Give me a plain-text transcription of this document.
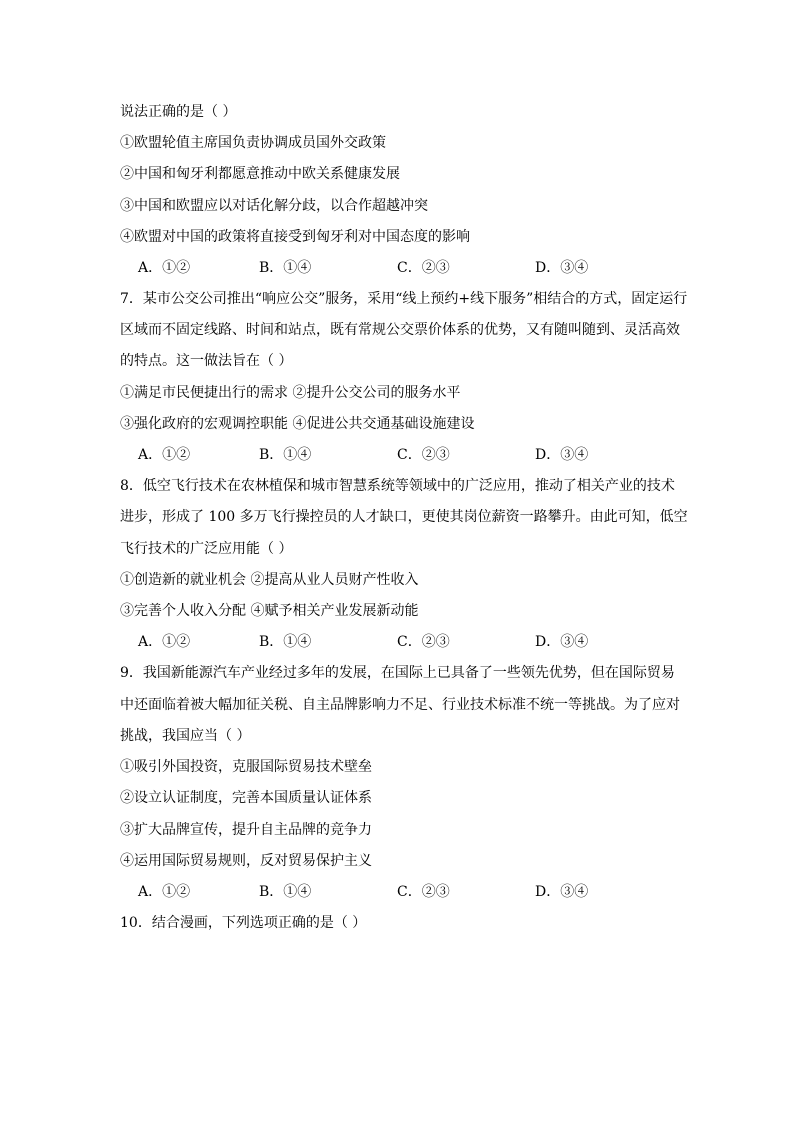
说法正确的是（ ）
①欧盟轮值主席国负责协调成员国外交政策
②中国和匈牙利都愿意推动中欧关系健康发展
③中国和欧盟应以对话化解分歧，以合作超越冲突
④欧盟对中国的政策将直接受到匈牙利对中国态度的影响
A．①②	B．①④	C．②③	D．③④
7．某市公交公司推出“响应公交”服务，采用“线上预约+线下服务”相结合的方式，固定运行
区域而不固定线路、时间和站点，既有常规公交票价体系的优势，又有随叫随到、灵活高效
的特点。这一做法旨在（ ）
①满足市民便捷出行的需求 ②提升公交公司的服务水平
③强化政府的宏观调控职能 ④促进公共交通基础设施建设
A．①②	B．①④	C．②③	D．③④
8．低空飞行技术在农林植保和城市智慧系统等领域中的广泛应用，推动了相关产业的技术
进步，形成了 100 多万飞行操控员的人才缺口，更使其岗位薪资一路攀升。由此可知，低空
飞行技术的广泛应用能（ ）
①创造新的就业机会 ②提高从业人员财产性收入
③完善个人收入分配 ④赋予相关产业发展新动能
A．①②	B．①④	C．②③	D．③④
9．我国新能源汽车产业经过多年的发展，在国际上已具备了一些领先优势，但在国际贸易
中还面临着被大幅加征关税、自主品牌影响力不足、行业技术标准不统一等挑战。为了应对
挑战，我国应当（ ）
①吸引外国投资，克服国际贸易技术壁垒
②设立认证制度，完善本国质量认证体系
③扩大品牌宣传，提升自主品牌的竞争力
④运用国际贸易规则，反对贸易保护主义
A．①②	B．①④	C．②③	D．③④
10．结合漫画，下列选项正确的是（ ）
